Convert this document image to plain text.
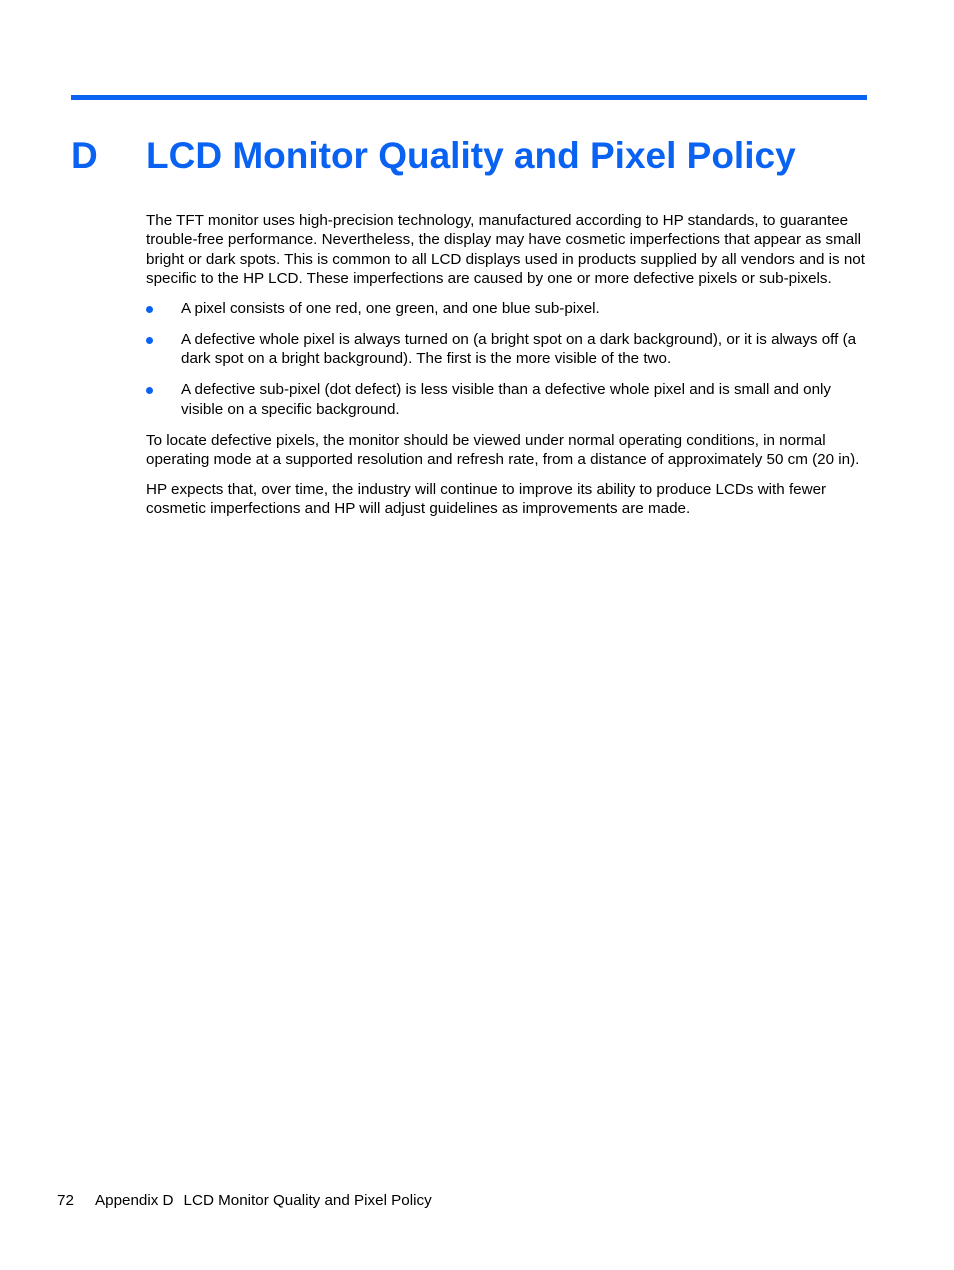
D LCD Monitor Quality and Pixel Policy

The TFT monitor uses high-precision technology, manufactured according to HP standards, to guarantee trouble-free performance. Nevertheless, the display may have cosmetic imperfections that appear as small bright or dark spots. This is common to all LCD displays used in products supplied by all vendors and is not specific to the HP LCD. These imperfections are caused by one or more defective pixels or sub-pixels.

A pixel consists of one red, one green, and one blue sub-pixel.
A defective whole pixel is always turned on (a bright spot on a dark background), or it is always off (a dark spot on a bright background). The first is the more visible of the two.
A defective sub-pixel (dot defect) is less visible than a defective whole pixel and is small and only visible on a specific background.

To locate defective pixels, the monitor should be viewed under normal operating conditions, in normal operating mode at a supported resolution and refresh rate, from a distance of approximately 50 cm (20 in).

HP expects that, over time, the industry will continue to improve its ability to produce LCDs with fewer cosmetic imperfections and HP will adjust guidelines as improvements are made.

72 Appendix D LCD Monitor Quality and Pixel Policy
